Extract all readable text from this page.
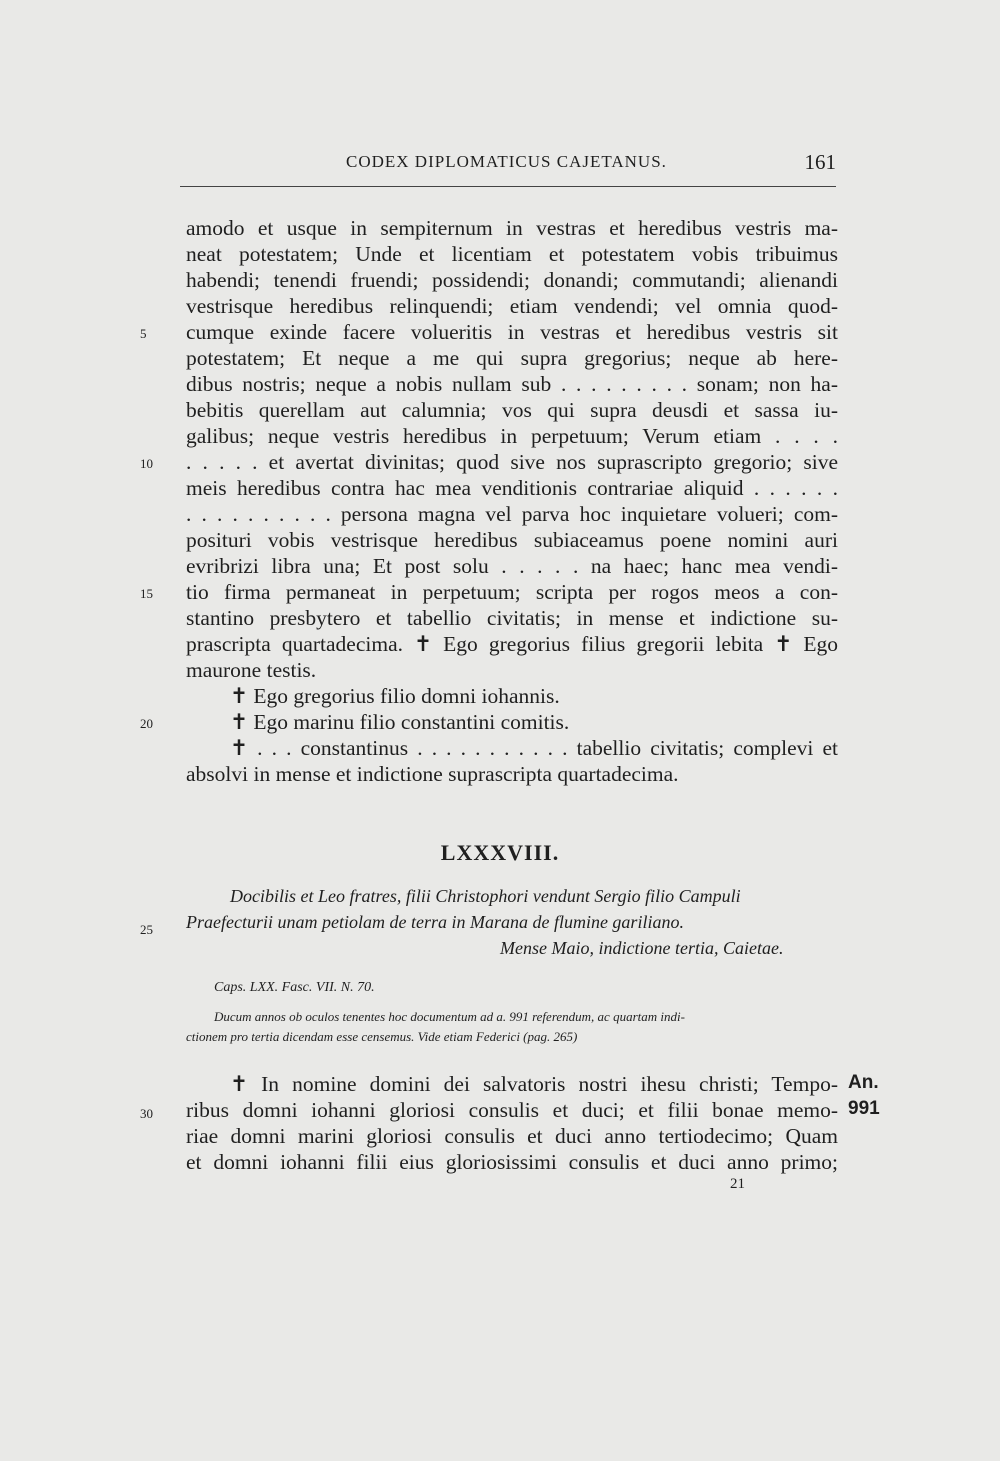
CODEX DIPLOMATICUS CAJETANUS.	161
amodo et usque in sempiternum in vestras et heredibus vestris ma-
neat potestatem; Unde et licentiam et potestatem vobis tribuimus
habendi; tenendi fruendi; possidendi; donandi; commutandi; alienandi
vestrisque heredibus relinquendi; etiam vendendi; vel omnia quod-
cumque exinde facere volueritis in vestras et heredibus vestris sit
potestatem; Et neque a me qui supra gregorius; neque ab here-
dibus nostris; neque a nobis nullam sub . . . . . . . . . sonam; non ha-
bebitis querellam aut calumnia; vos qui supra deusdi et sassa iu-
galibus; neque vestris heredibus in perpetuum; Verum etiam . . . .
. . . . . et avertat divinitas; quod sive nos suprascripto gregorio; sive
meis heredibus contra hac mea venditionis contrariae aliquid . . . . . .
. . . . . . . . . . persona magna vel parva hoc inquietare volueri; com-
posituri vobis vestrisque heredibus subiaceamus poene nomini auri
evribrizi libra una; Et post solu . . . . . na haec; hanc mea vendi-
tio firma permaneat in perpetuum; scripta per rogos meos a con-
stantino presbytero et tabellio civitatis; in mense et indictione su-
prascripta quartadecima. ✝ Ego gregorius filius gregorii lebita ✝ Ego
maurone testis.
✝ Ego gregorius filio domni iohannis.
✝ Ego marinu filio constantini comitis.
✝ . . . constantinus . . . . . . . . . . . tabellio civitatis; complevi et
absolvi in mense et indictione suprascripta quartadecima.
5
10
15
20
25
30
LXXXVIII.
Docibilis et Leo fratres, filii Christophori vendunt Sergio filio Campuli
Praefecturii unam petiolam de terra in Marana de flumine gariliano.
Mense Maio, indictione tertia, Caietae.
Caps. LXX. Fasc. VII. N. 70.
Ducum annos ob oculos tenentes hoc documentum ad a. 991 referendum, ac quartam indi-
ctionem pro tertia dicendam esse censemus. Vide etiam Federici (pag. 265)
✝ In nomine domini dei salvatoris nostri ihesu christi; Tempo-
ribus domni iohanni gloriosi consulis et duci; et filii bonae memo-
riae domni marini gloriosi consulis et duci anno tertiodecimo; Quam
et domni iohanni filii eius gloriosissimi consulis et duci anno primo;
An.
991
21
